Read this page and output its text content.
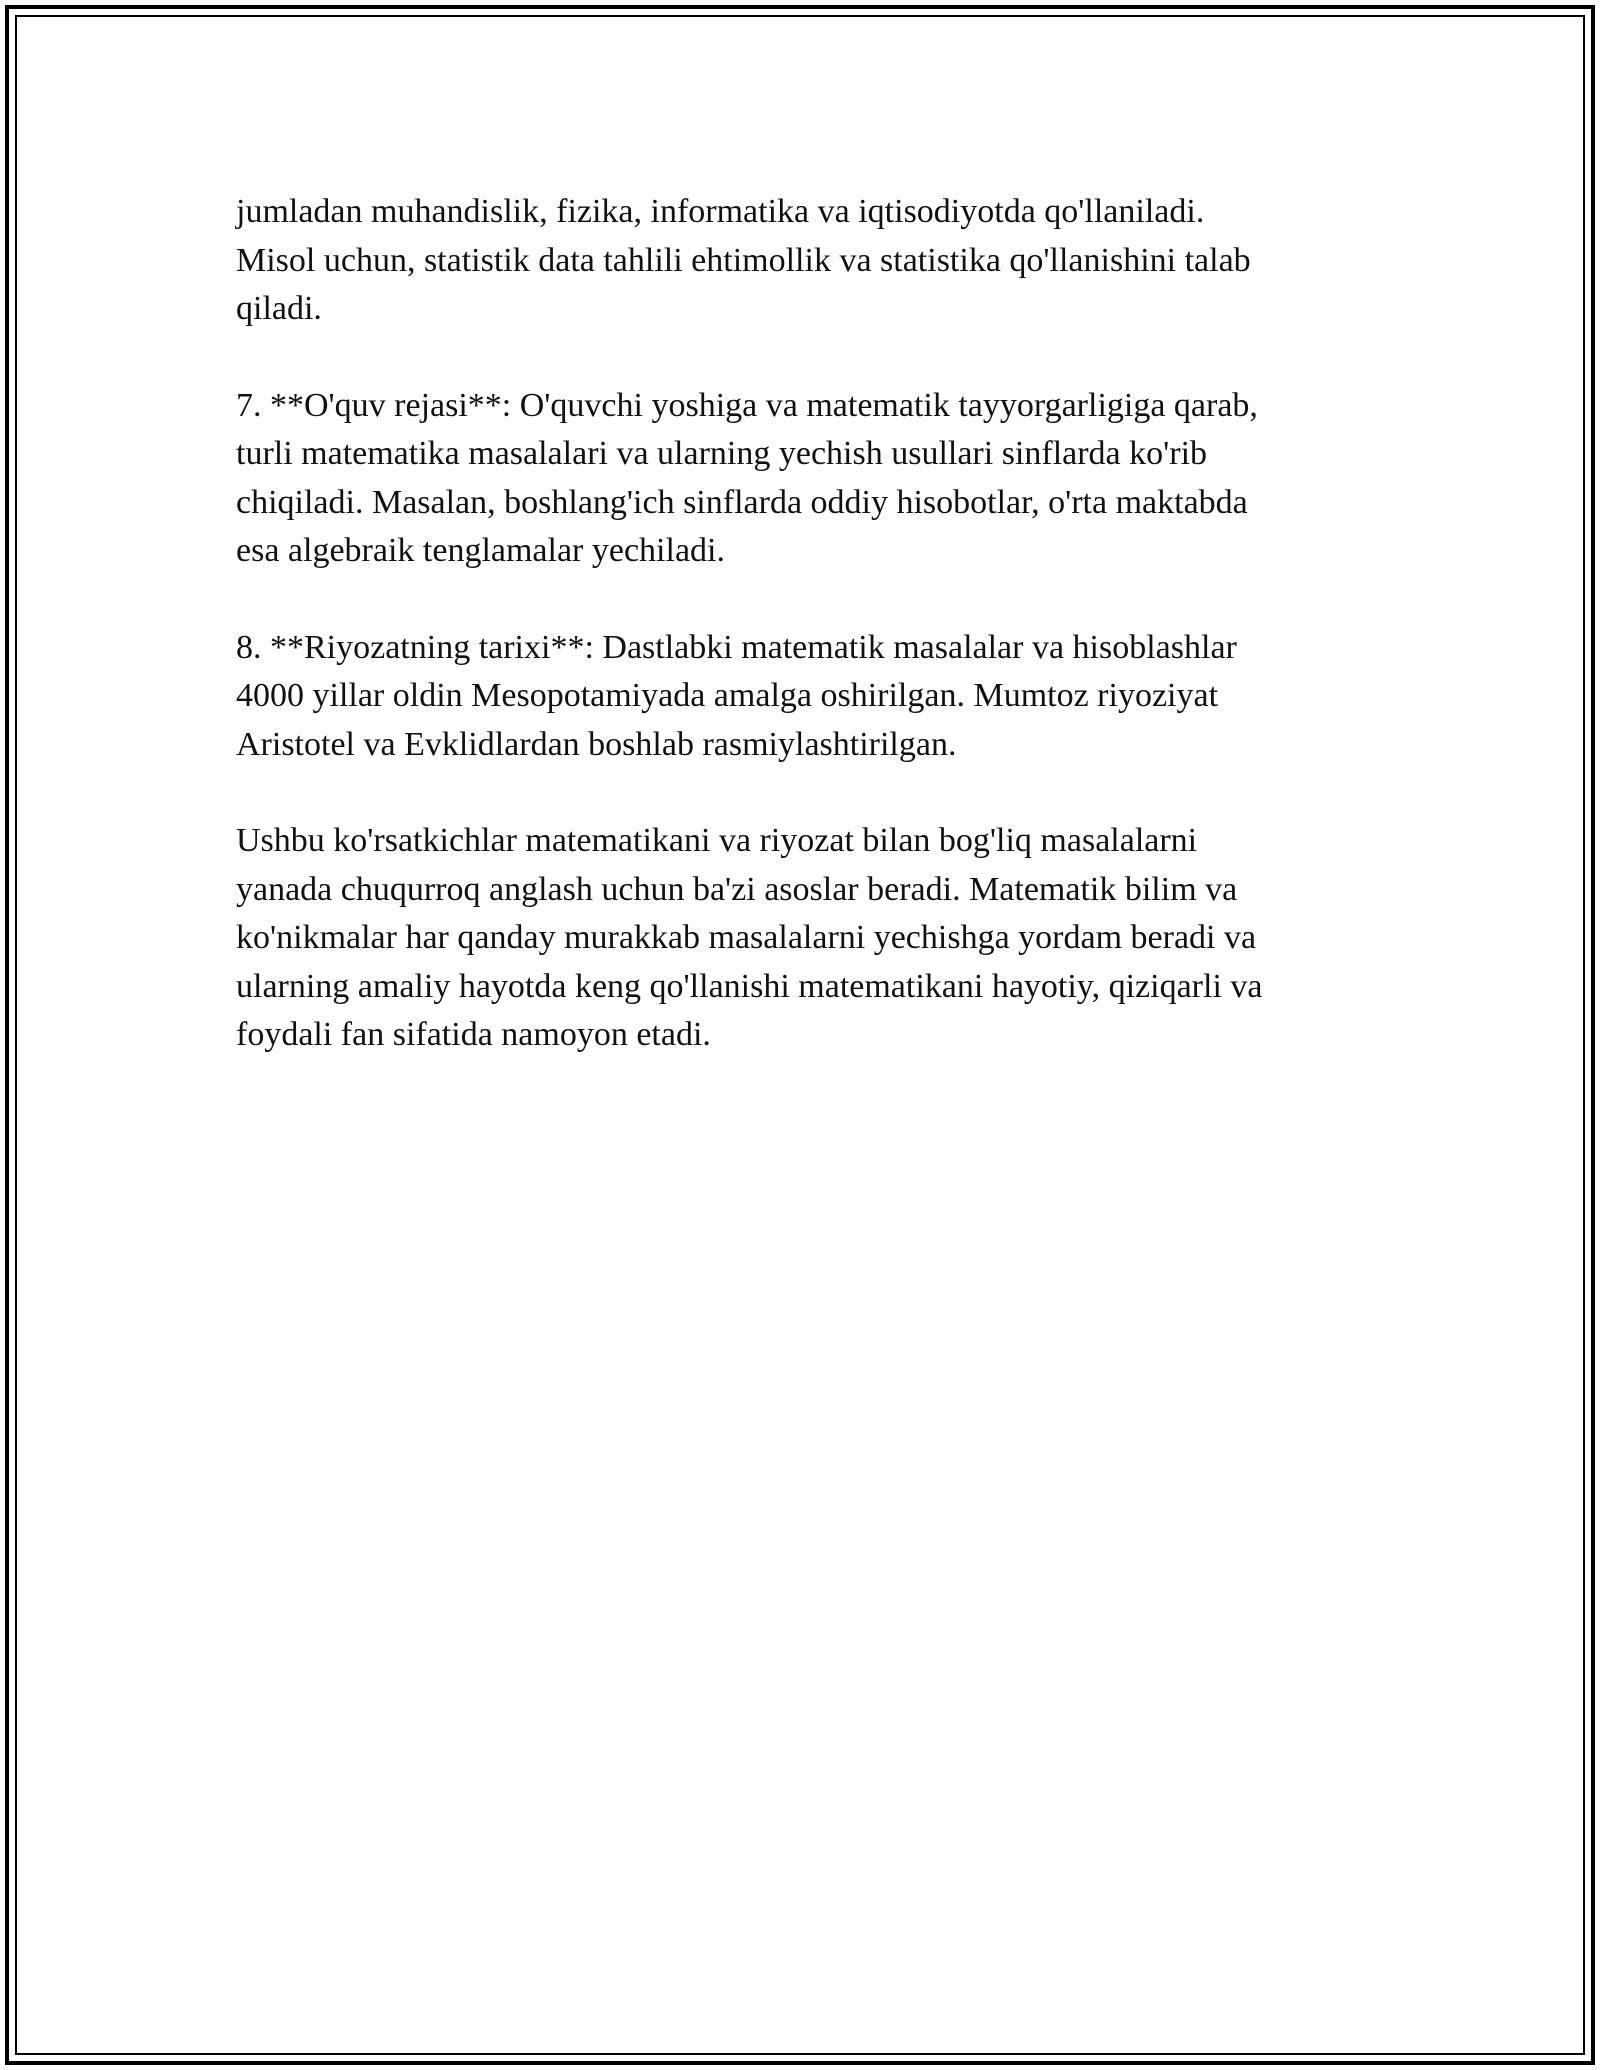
jumladan muhandislik, fizika, informatika va iqtisodiyotda qo'llaniladi.
Misol uchun, statistik data tahlili ehtimollik va statistika qo'llanishini talab
qiladi.

7. **O'quv rejasi**: O'quvchi yoshiga va matematik tayyorgarligiga qarab,
turli matematika masalalari va ularning yechish usullari sinflarda ko'rib
chiqiladi. Masalan, boshlang'ich sinflarda oddiy hisobotlar, o'rta maktabda
esa algebraik tenglamalar yechiladi.

8. **Riyozatning tarixi**: Dastlabki matematik masalalar va hisoblashlar
4000 yillar oldin Mesopotamiyada amalga oshirilgan. Mumtoz riyoziyat
Aristotel va Evklidlardan boshlab rasmiylashtirilgan.

Ushbu ko'rsatkichlar matematikani va riyozat bilan bog'liq masalalarni
yanada chuqurroq anglash uchun ba'zi asoslar beradi. Matematik bilim va
ko'nikmalar har qanday murakkab masalalarni yechishga yordam beradi va
ularning amaliy hayotda keng qo'llanishi matematikani hayotiy, qiziqarli va
foydali fan sifatida namoyon etadi.
